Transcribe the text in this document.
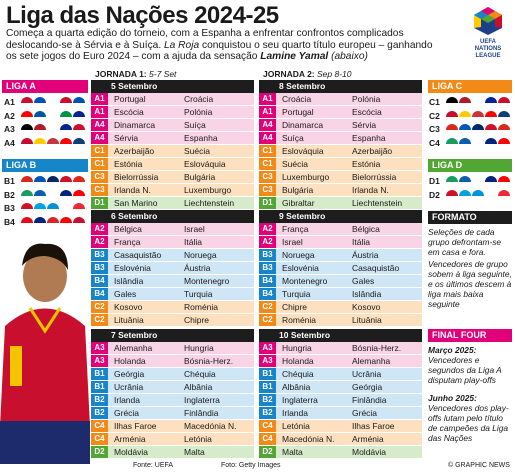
Liga das Nações 2024-25
Começa a quarta edição do torneio, com a Espanha a enfrentar confrontos complicados deslocando-se à Sérvia e à Suíça. La Roja conquistou o seu quarto título europeu – ganhando os sete jogos do Euro 2024 – com a ajuda da sensação Lamine Yamal (abaixo)
UEFA
NATIONS
LEAGUE
JORNADA 1: 5-7 Set	JORNADA 2: Sep 8-10
LIGA A
LIGA B
A1
A2
A3
A4
B1
B2
B3
B4
Fonte: UEFA	Foto: Getty Images	© GRAPHIC NEWS
5 Setembro
A1	Portugal	Croácia
A1	Escócia	Polónia
A4	Dinamarca	Suíça
A4	Sérvia	Espanha
C1	Azerbaijão	Suécia
C1	Estónia	Eslováquia
C3	Bielorrússia	Bulgária
C3	Irlanda N.	Luxemburgo
D1	San Marino	Liechtenstein
6 Setembro
A2	Bélgica	Israel
A2	França	Itália
B3	Casaquistão	Noruega
B3	Eslovénia	Áustria
B4	Islândia	Montenegro
B4	Gales	Turquia
C2	Kosovo	Roménia
C2	Lituânia	Chipre
7 Setembro
A3	Alemanha	Hungria
A3	Holanda	Bósnia-Herz.
B1	Geórgia	Chéquia
B1	Ucrânia	Albânia
B2	Irlanda	Inglaterra
B2	Grécia	Finlândia
C4	Ilhas Faroe	Macedónia N.
C4	Arménia	Letónia
D2	Moldávia	Malta
8 Setembro
A1	Croácia	Polónia
A1	Portugal	Escócia
A4	Dinamarca	Sérvia
A4	Suíça	Espanha
C1	Eslováquia	Azerbaijão
C1	Suécia	Estónia
C3	Luxemburgo	Bielorrússia
C3	Bulgária	Irlanda N.
D1	Gibraltar	Liechtenstein
9 Setembro
A2	França	Bélgica
A2	Israel	Itália
B3	Noruega	Áustria
B3	Eslovénia	Casaquistão
B4	Montenegro	Gales
B4	Turquia	Islândia
C2	Chipre	Kosovo
C2	Roménia	Lituânia
10 Setembro
A3	Hungria	Bósnia-Herz.
A3	Holanda	Alemanha
B1	Chéquia	Ucrânia
B1	Albânia	Geórgia
B2	Inglaterra	Finlândia
B2	Irlanda	Grécia
C4	Letónia	Ilhas Faroe
C4	Macedónia N.	Arménia
D2	Malta	Moldávia
LIGA C
LIGA D
C1
C2
C3
C4
D1
D2
FORMATO
Seleções de cada grupo defrontam-se em casa e fora.
Vencedores de grupo sobem à liga seguinte, e os últimos descem à liga mais baixa seguinte
FINAL FOUR
Março 2025:
Vencedores e segundos da Liga A disputam play-offs
Junho 2025:
Vencedores dos play-offs lutam pelo título de campeões da Liga das Nações
